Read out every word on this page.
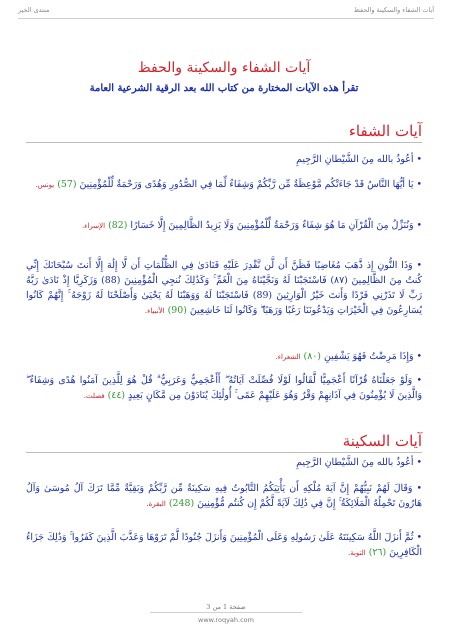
منتدى الخير	آيات الشفاء والسكينة والحفظ
آيات الشفاء والسكينة والحفظ
تقرأ هذه الآيات المختارة من كتاب الله بعد الرقية الشرعية العامة
آيات الشفاء
• أعُوذُ بالله مِنَ الشَّيْطانِ الرَّجِيمِ
• يَا أيُّهَا النَّاسُ قَدْ جَاءَتْكُم مَّوْعِظَةٌ مِّن رَّبِّكُمْ وَشِفَاءٌ لِّمَا فِي الصُّدُورِ وَهُدًى وَرَحْمَةٌ لِّلْمُؤْمِنِينَ (57) يونس.
• وَنُنَزِّلُ مِنَ الْقُرْآنِ مَا هُوَ شِفَاءٌ وَرَحْمَةٌ لِّلْمُؤْمِنِينَ وَلَا يَزِيدُ الظَّالِمِينَ إِلَّا خَسَارًا (82) الإسراء.
• وَذَا النُّونِ إِذ ذَّهَبَ مُغَاضِبًا فَظَنَّ أَن لَّن نَّقْدِرَ عَلَيْهِ فَنَادَىٰ فِي الظُّلُمَاتِ أَن لَّا إِلَٰهَ إِلَّا أَنتَ سُبْحَانَكَ إِنِّي كُنتُ مِنَ الظَّالِمِينَ (٨٧) فَاسْتَجَبْنَا لَهُ وَنَجَّيْنَاهُ مِنَ الْغَمِّ ۚ وَكَذَٰلِكَ نُنجِي الْمُؤْمِنِينَ (88) وَزَكَرِيَّا إِذْ نَادَىٰ رَبَّهُ رَبِّ لَا تَذَرْنِي فَرْدًا وَأَنتَ خَيْرُ الْوَارِثِينَ (89) فَاسْتَجَبْنَا لَهُ وَوَهَبْنَا لَهُ يَحْيَىٰ وَأَصْلَحْنَا لَهُ زَوْجَهُ ۚ إِنَّهُمْ كَانُوا يُسَارِعُونَ فِي الْخَيْرَاتِ وَيَدْعُونَنَا رَغَبًا وَرَهَبًا ۖ وَكَانُوا لَنَا خَاشِعِينَ (90) الأنبياء.
• وَإِذَا مَرِضْتُ فَهُوَ يَشْفِينِ (٨٠) الشعراء.
• وَلَوْ جَعَلْنَاهُ قُرْآنًا أَعْجَمِيًّا لَّقَالُوا لَوْلَا فُصِّلَتْ آيَاتُهُ ۖ أَأَعْجَمِيٌّ وَعَرَبِيٌّ ۗ قُلْ هُوَ لِلَّذِينَ آمَنُوا هُدًى وَشِفَاءٌ ۖ وَالَّذِينَ لَا يُؤْمِنُونَ فِي آذَانِهِمْ وَقْرٌ وَهُوَ عَلَيْهِمْ عَمًى ۚ أُولَٰئِكَ يُنَادَوْنَ مِن مَّكَانٍ بَعِيدٍ (٤٤) فصلت.
آيات السكينة
• أعُوذُ بالله مِنَ الشَّيْطانِ الرَّجِيمِ
• وَقَالَ لَهُمْ نَبِيُّهُمْ إِنَّ آيَةَ مُلْكِهِ أَن يَأْتِيَكُمُ التَّابُوتُ فِيهِ سَكِينَةٌ مِّن رَّبِّكُمْ وَبَقِيَّةٌ مِّمَّا تَرَكَ آلُ مُوسَىٰ وَآلُ هَارُونَ تَحْمِلُهُ الْمَلَائِكَةُ ۚ إِنَّ فِي ذَٰلِكَ لَآيَةً لَّكُمْ إِن كُنتُم مُّؤْمِنِينَ (248) البقرة.
• ثُمَّ أَنزَلَ اللَّهُ سَكِينَتَهُ عَلَىٰ رَسُولِهِ وَعَلَى الْمُؤْمِنِينَ وَأَنزَلَ جُنُودًا لَّمْ تَرَوْهَا وَعَذَّبَ الَّذِينَ كَفَرُوا ۚ وَذَٰلِكَ جَزَاءُ الْكَافِرِينَ (٢٦) التوبة.
صفحة 1 من 3
www.roqyah.com
